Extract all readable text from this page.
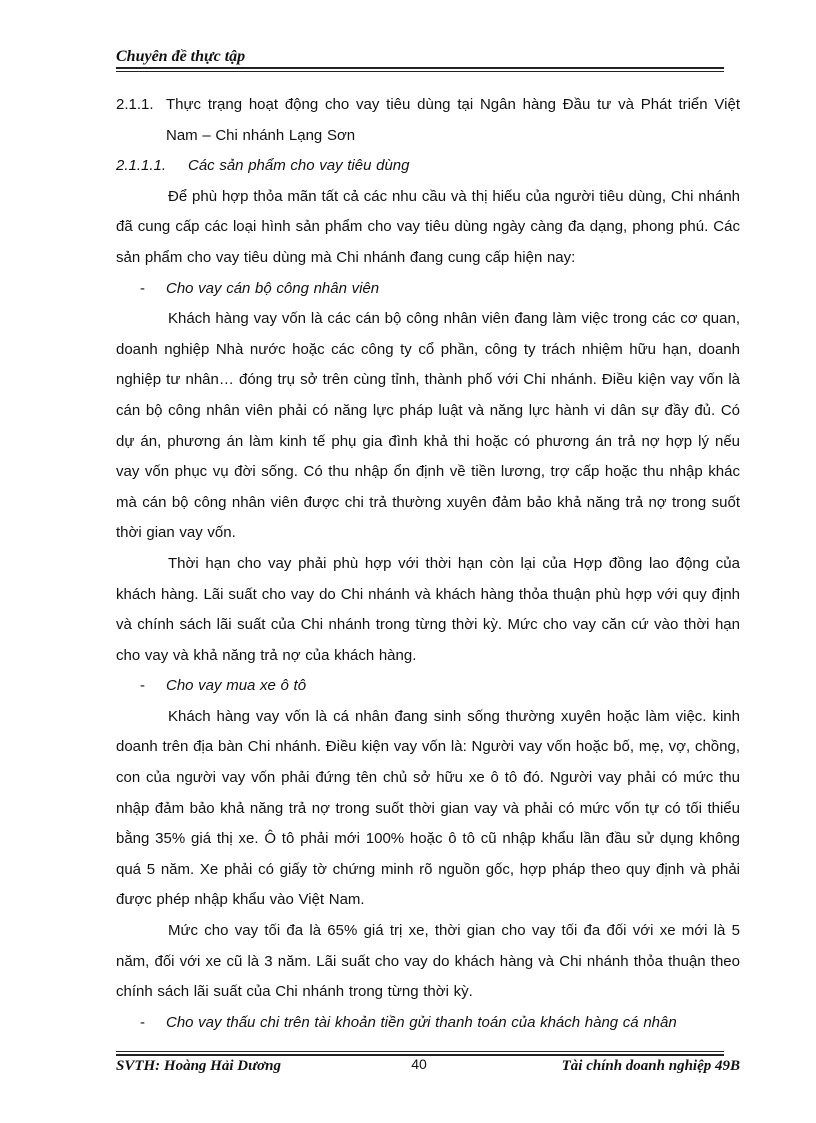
Chuyên đề thực tập
2.1.1. Thực trạng hoạt động cho vay tiêu dùng tại Ngân hàng Đầu tư và Phát triển Việt Nam – Chi nhánh Lạng Sơn
2.1.1.1.	Các sản phẩm cho vay tiêu dùng

Để phù hợp thỏa mãn tất cả các nhu cầu và thị hiếu của người tiêu dùng, Chi nhánh đã cung cấp các loại hình sản phẩm cho vay tiêu dùng ngày càng đa dạng, phong phú. Các sản phẩm cho vay tiêu dùng mà Chi nhánh đang cung cấp hiện nay:

-	Cho vay cán bộ công nhân viên

Khách hàng vay vốn là các cán bộ công nhân viên đang làm việc trong các cơ quan, doanh nghiệp Nhà nước hoặc các công ty cổ phần, công ty trách nhiệm hữu hạn, doanh nghiệp tư nhân… đóng trụ sở trên cùng tỉnh, thành phố với Chi nhánh. Điều kiện vay vốn là cán bộ công nhân viên phải có năng lực pháp luật và năng lực hành vi dân sự đầy đủ. Có dự án, phương án làm kinh tế phụ gia đình khả thi hoặc có phương án trả nợ hợp lý nếu vay vốn phục vụ đời sống. Có thu nhập ổn định về tiền lương, trợ cấp hoặc thu nhập khác mà cán bộ công nhân viên được chi trả thường xuyên đảm bảo khả năng trả nợ trong suốt thời gian vay vốn.

Thời hạn cho vay phải phù hợp với thời hạn còn lại của Hợp đồng lao động của khách hàng. Lãi suất cho vay do Chi nhánh và khách hàng thỏa thuận phù hợp với quy định và chính sách lãi suất của Chi nhánh trong từng thời kỳ. Mức cho vay căn cứ vào thời hạn cho vay và khả năng trả nợ của khách hàng.

-	Cho vay mua xe ô tô

Khách hàng vay vốn là cá nhân đang sinh sống thường xuyên hoặc làm việc. kinh doanh trên địa bàn Chi nhánh. Điều kiện vay vốn là: Người vay vốn hoặc bố, mẹ, vợ, chồng, con của người vay vốn phải đứng tên chủ sở hữu xe ô tô đó. Người vay phải có mức thu nhập đảm bảo khả năng trả nợ trong suốt thời gian vay và phải có mức vốn tự có tối thiểu bằng 35% giá thị xe. Ô tô phải mới 100% hoặc ô tô cũ nhập khẩu lần đầu sử dụng không quá 5 năm. Xe phải có giấy tờ chứng minh rõ nguồn gốc, hợp pháp theo quy định và phải được phép nhập khẩu vào Việt Nam.

Mức cho vay tối đa là 65% giá trị xe, thời gian cho vay tối đa đối với xe mới là 5 năm, đối với xe cũ là 3 năm. Lãi suất cho vay do khách hàng và Chi nhánh thỏa thuận theo chính sách lãi suất của Chi nhánh trong từng thời kỳ.

-	Cho vay thấu chi trên tài khoản tiền gửi thanh toán của khách hàng cá nhân
SVTH: Hoàng Hải Dương	40	Tài chính doanh nghiệp 49B
